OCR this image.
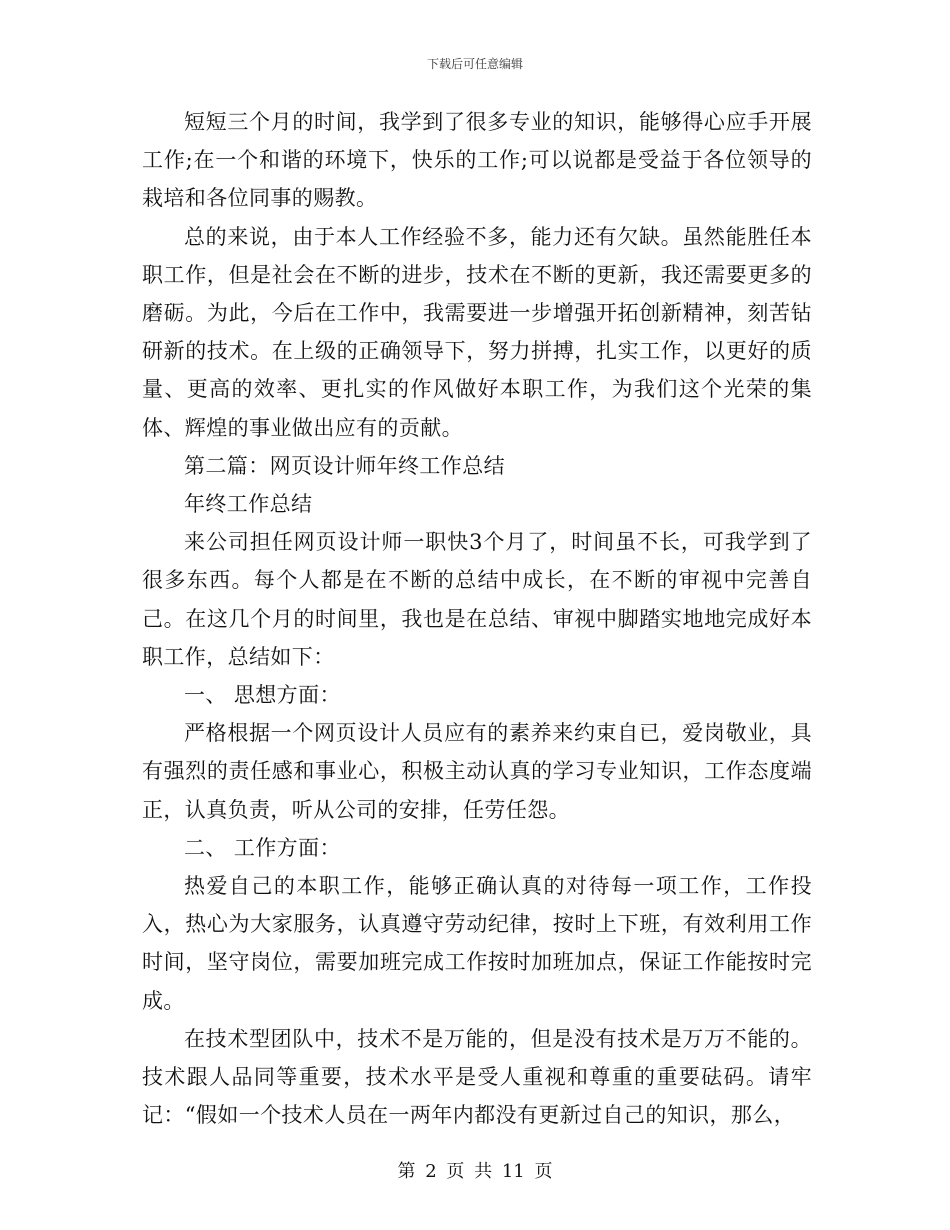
下载后可任意编辑

短短三个月的时间，我学到了很多专业的知识，能够得心应手开展工作;在一个和谐的环境下，快乐的工作;可以说都是受益于各位领导的栽培和各位同事的赐教。

总的来说，由于本人工作经验不多，能力还有欠缺。虽然能胜任本职工作，但是社会在不断的进步，技术在不断的更新，我还需要更多的磨砺。为此，今后在工作中，我需要进一步增强开拓创新精神，刻苦钻研新的技术。在上级的正确领导下，努力拼搏，扎实工作，以更好的质量、更高的效率、更扎实的作风做好本职工作，为我们这个光荣的集体、辉煌的事业做出应有的贡献。

第二篇：网页设计师年终工作总结

年终工作总结

来公司担任网页设计师一职快3个月了，时间虽不长，可我学到了很多东西。每个人都是在不断的总结中成长，在不断的审视中完善自己。在这几个月的时间里，我也是在总结、审视中脚踏实地地完成好本职工作，总结如下：

一、 思想方面：

严格根据一个网页设计人员应有的素养来约束自已，爱岗敬业，具有强烈的责任感和事业心，积极主动认真的学习专业知识，工作态度端正，认真负责，听从公司的安排，任劳任怨。

二、 工作方面：

热爱自己的本职工作，能够正确认真的对待每一项工作，工作投入，热心为大家服务，认真遵守劳动纪律，按时上下班，有效利用工作时间，坚守岗位，需要加班完成工作按时加班加点，保证工作能按时完成。

在技术型团队中，技术不是万能的，但是没有技术是万万不能的。技术跟人品同等重要，技术水平是受人重视和尊重的重要砝码。请牢记：“假如一个技术人员在一两年内都没有更新过自己的知识，那么，

第 2 页 共 11 页
